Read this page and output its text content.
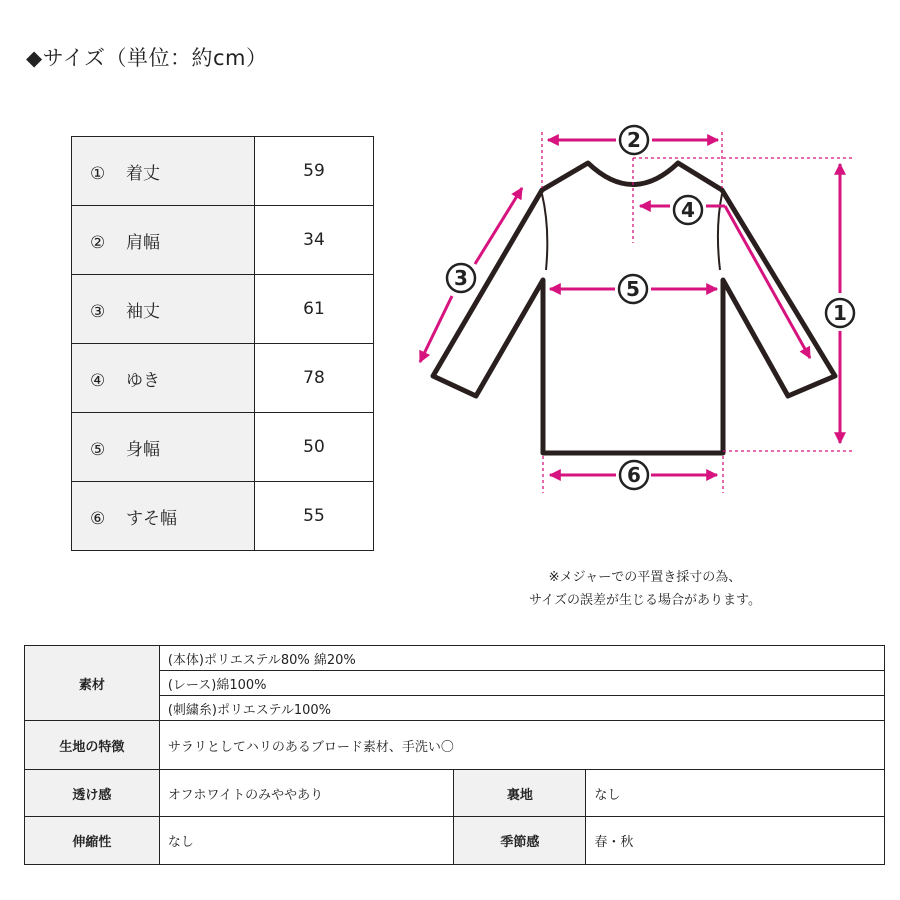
◆サイズ（単位：約cm）
① 着丈	59
② 肩幅	34
③ 袖丈	61
④ ゆき	78
⑤ 身幅	50
⑥ すそ幅	55
1
2
3
4
5
6
※メジャーでの平置き採寸の為、
サイズの誤差が生じる場合があります。
素材	(本体)ポリエステル80% 綿20%		
	(レース)綿100%		
	(刺繍糸)ポリエステル100%		
生地の特徴	サラリとしてハリのあるブロード素材、手洗い〇		
透け感	オフホワイトのみややあり	裏地	なし
伸縮性	なし	季節感	春・秋
